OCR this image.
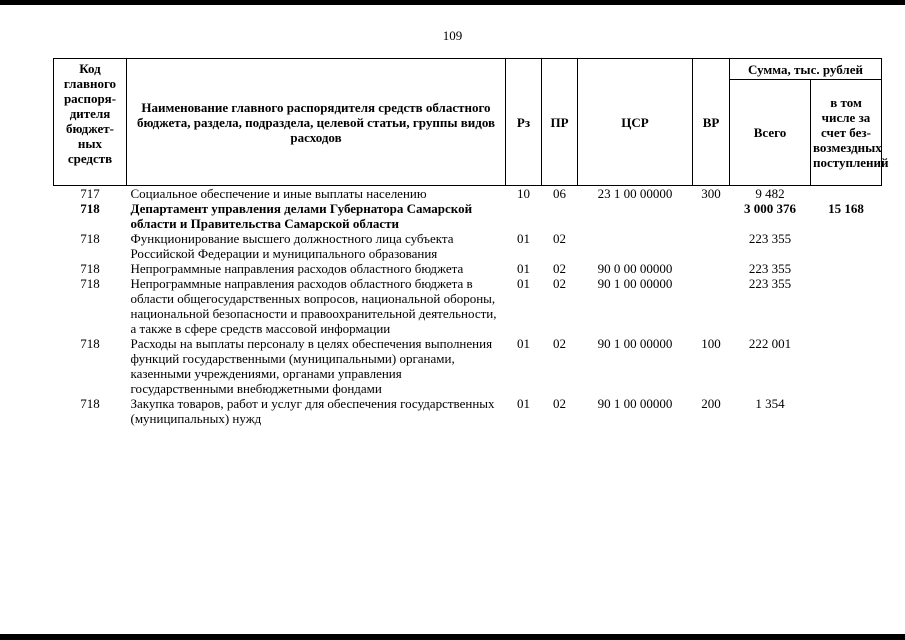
109
Код главного распоря-дителя бюджет-ных средств	Наименование главного распорядителя средств областного бюджета, раздела, подраздела, целевой статьи, группы видов расходов	Рз	ПР	ЦСР	ВР	Сумма, тыс. рублей	
						Всего	в том числе за счет без-возмездных поступлений
717	Социальное обеспечение и иные выплаты населению	10	06	23 1 00 00000	300	9 482	
718	Департамент управления делами Губернатора Самарской области и Правительства Самарской области					3 000 376	15 168
718	Функционирование высшего должностного лица субъекта Российской Федерации и муниципального образования	01	02			223 355	
718	Непрограммные направления расходов областного бюджета	01	02	90 0 00 00000		223 355	
718	Непрограммные направления расходов областного бюджета в области общегосударственных вопросов, национальной обороны, национальной безопасности и правоохранительной деятельности, а также в сфере средств массовой информации	01	02	90 1 00 00000		223 355	
718	Расходы на выплаты персоналу в целях обеспечения выполнения функций государственными (муниципальными) органами, казенными учреждениями, органами управления государственными внебюджетными фондами	01	02	90 1 00 00000	100	222 001	
718	Закупка товаров, работ и услуг для обеспечения государственных (муниципальных) нужд	01	02	90 1 00 00000	200	1 354	
